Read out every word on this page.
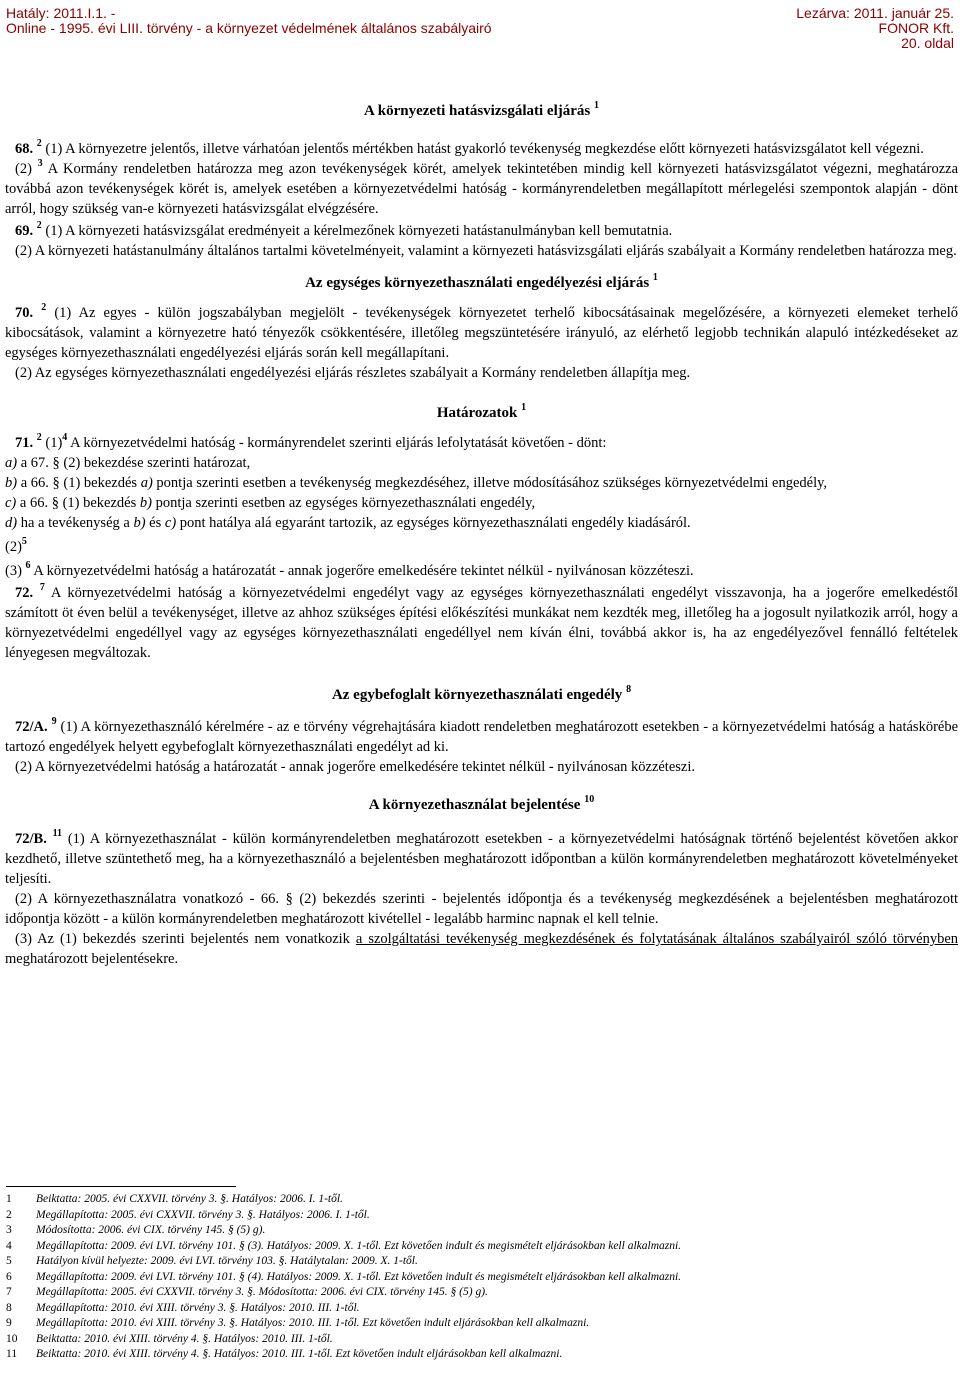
Hatály: 2011.I.1. -
Online - 1995. évi LIII. törvény - a környezet védelmének általános szabályairó
Lezárva: 2011. január 25.
FONOR Kft.
20. oldal

A környezeti hatásvizsgálati eljárás $^1$

68. $^2$ (1) A környezetre jelentős, illetve várhatóan jelentős mértékben hatást gyakorló tevékenység megkezdése előtt környezeti hatásvizsgálatot kell végezni.

(2) $^3$ A Kormány rendeletben határozza meg azon tevékenységek körét, amelyek tekintetében mindig kell környezeti hatásvizsgálatot végezni, meghatározza továbbá azon tevékenységek körét is, amelyek esetében a környezetvédelmi hatóság - kormányrendeletben megállapított mérlegelési szempontok alapján - dönt arról, hogy szükség van-e környezeti hatásvizsgálat elvégzésére.

69. $^2$ (1) A környezeti hatásvizsgálat eredményeit a kérelmezőnek környezeti hatástanulmányban kell bemutatnia.

(2) A környezeti hatástanulmány általános tartalmi követelményeit, valamint a környezeti hatásvizsgálati eljárás szabályait a Kormány rendeletben határozza meg.

Az egységes környezethasználati engedélyezési eljárás $^1$

70. $^2$ (1) Az egyes - külön jogszabályban megjelölt - tevékenységek környezetet terhelő kibocsátásainak megelőzésére, a környezeti elemeket terhelő kibocsátások, valamint a környezetre ható tényezők csökkentésére, illetőleg megszüntetésére irányuló, az elérhető legjobb technikán alapuló intézkedéseket az egységes környezethasználati engedélyezési eljárás során kell megállapítani.

(2) Az egységes környezethasználati engedélyezési eljárás részletes szabályait a Kormány rendeletben állapítja meg.

Határozatok $^1$

71. $^2$ $(1)^4$ A környezetvédelmi hatóság - kormányrendelet szerinti eljárás lefolytatását követően - dönt:

a) a 67. § (2) bekezdése szerinti határozat,

b) a 66. § (1) bekezdés a) pontja szerinti esetben a tevékenység megkezdéséhez, illetve módosításához szükséges környezetvédelmi engedély,

c) a 66. § (1) bekezdés b) pontja szerinti esetben az egységes környezethasználati engedély,

d) ha a tevékenység a b) és c) pont hatálya alá egyaránt tartozik, az egységes környezethasználati engedély kiadásáról.

$(2)^5$

(3) $^6$ A környezetvédelmi hatóság a határozatát - annak jogerőre emelkedésére tekintet nélkül - nyilvánosan közzéteszi.

72. $^7$ A környezetvédelmi hatóság a környezetvédelmi engedélyt vagy az egységes környezethasználati engedélyt visszavonja, ha a jogerőre emelkedéstől számított öt éven belül a tevékenységet, illetve az ahhoz szükséges építési előkészítési munkákat nem kezdték meg, illetőleg ha a jogosult nyilatkozik arról, hogy a környezetvédelmi engedéllyel vagy az egységes környezethasználati engedéllyel nem kíván élni, továbbá akkor is, ha az engedélyezővel fennálló feltételek lényegesen megváltozak.

Az egybefoglalt környezethasználati engedély $^8$

72/A. $^9$ (1) A környezethasználó kérelmére - az e törvény végrehajtására kiadott rendeletben meghatározott esetekben - a környezetvédelmi hatóság a hatáskörébe tartozó engedélyek helyett egybefoglalt környezethasználati engedélyt ad ki.

(2) A környezetvédelmi hatóság a határozatát - annak jogerőre emelkedésére tekintet nélkül - nyilvánosan közzéteszi.

A környezethasználat bejelentése $^{10}$

72/B. $^{11}$ (1) A környezethasználat - külön kormányrendeletben meghatározott esetekben - a környezetvédelmi hatóságnak történő bejelentést követően akkor kezdhető, illetve szüntethető meg, ha a környezethasználó a bejelentésben meghatározott időpontban a külön kormányrendeletben meghatározott követelményeket teljesíti.

(2) A környezethasználatra vonatkozó - 66. § (2) bekezdés szerinti - bejelentés időpontja és a tevékenység megkezdésének a bejelentésben meghatározott időpontja között - a külön kormányrendeletben meghatározott kivétellel - legalább harminc napnak el kell telnie.

(3) Az (1) bekezdés szerinti bejelentés nem vonatkozik a szolgáltatási tevékenység megkezdésének és folytatásának általános szabályairól szóló törvényben meghatározott bejelentésekre.

1 Beiktatta: 2005. évi CXXVII. törvény 3. §. Hatályos: 2006. I. 1-től.
2 Megállapította: 2005. évi CXXVII. törvény 3. §. Hatályos: 2006. I. 1-től.
3 Módosította: 2006. évi CIX. törvény 145. § (5) g).
4 Megállapította: 2009. évi LVI. törvény 101. § (3). Hatályos: 2009. X. 1-től. Ezt követően indult és megismételt eljárásokban kell alkalmazni.
5 Hatályon kívül helyezte: 2009. évi LVI. törvény 103. §. Hatálytalan: 2009. X. 1-től.
6 Megállapította: 2009. évi LVI. törvény 101. § (4). Hatályos: 2009. X. 1-től. Ezt követően indult és megismételt eljárásokban kell alkalmazni.
7 Megállapította: 2005. évi CXXVII. törvény 3. §. Módosította: 2006. évi CIX. törvény 145. § (5) g).
8 Megállapította: 2010. évi XIII. törvény 3. §. Hatályos: 2010. III. 1-től.
9 Megállapította: 2010. évi XIII. törvény 3. §. Hatályos: 2010. III. 1-től. Ezt követően indult eljárásokban kell alkalmazni.
10 Beiktatta: 2010. évi XIII. törvény 4. §. Hatályos: 2010. III. 1-től.
11 Beiktatta: 2010. évi XIII. törvény 4. §. Hatályos: 2010. III. 1-től. Ezt követően indult eljárásokban kell alkalmazni.
